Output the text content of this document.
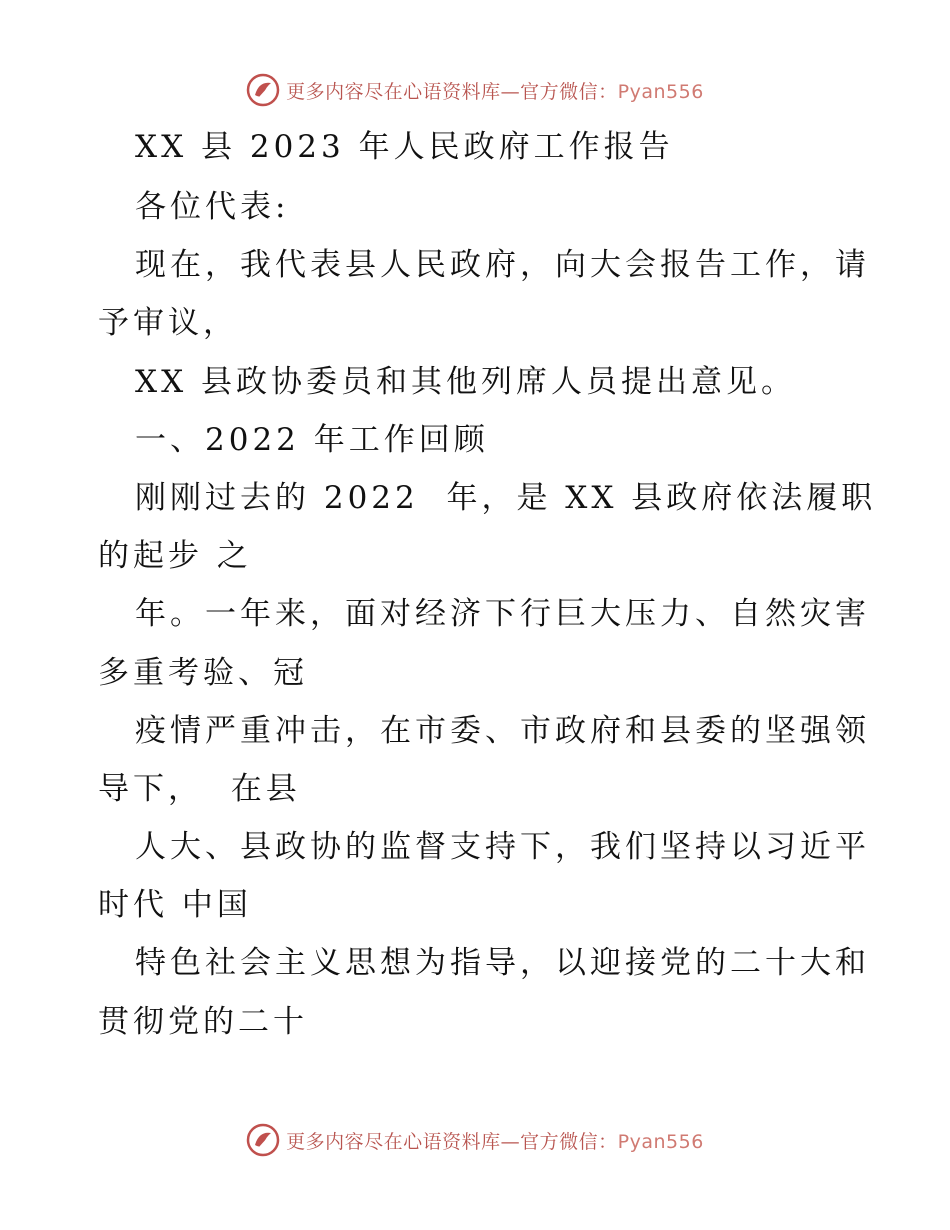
更多内容尽在心语资料库—官方微信：Pyan556
XX 县 2023 年人民政府工作报告
各位代表:
现在，我代表县人民政府，向大会报告工作，请
予审议，
XX 县政协委员和其他列席人员提出意见。
一、2022 年工作回顾
刚刚过去的 2022  年，是 XX 县政府依法履职
的起步 之
年。一年来，面对经济下行巨大压力、自然灾害
多重考验、冠
疫情严重冲击，在市委、市政府和县委的坚强领
导下，  在县
人大、县政协的监督支持下，我们坚持以习近平
时代 中国
特色社会主义思想为指导，以迎接党的二十大和
贯彻党的二十
更多内容尽在心语资料库—官方微信：Pyan556
